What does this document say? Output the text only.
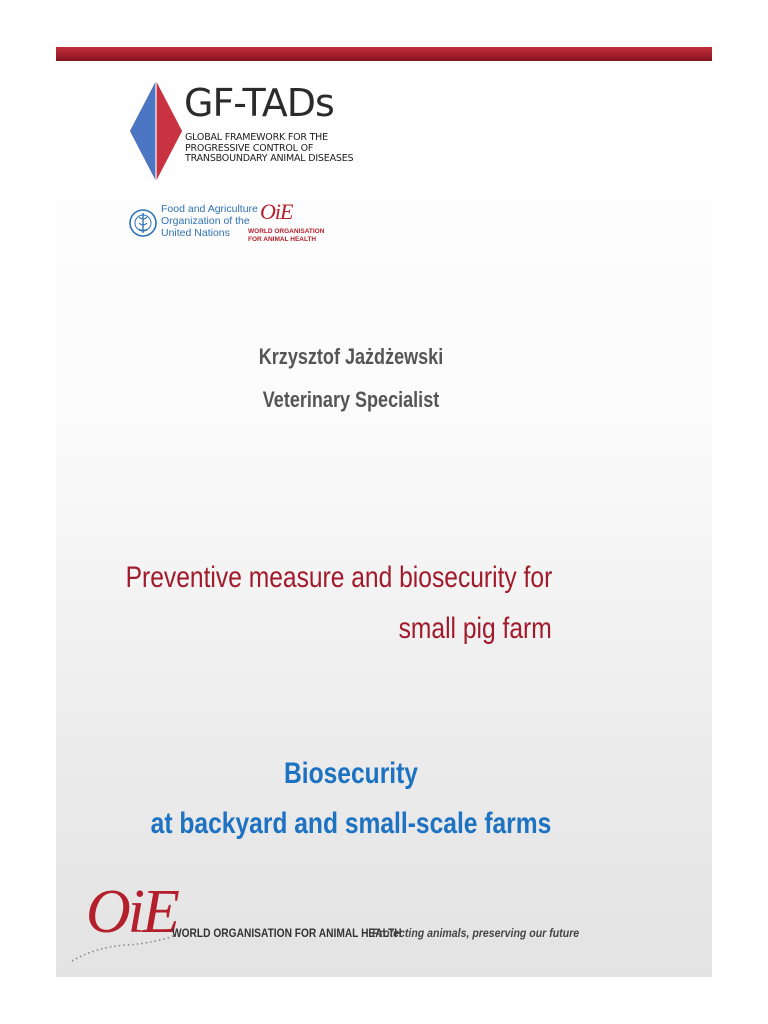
GF-TADs
GLOBAL FRAMEWORK FOR THE
PROGRESSIVE CONTROL OF
TRANSBOUNDARY ANIMAL DISEASES
Food and Agriculture
Organization of the
United Nations
OiE
WORLD ORGANISATION
FOR ANIMAL HEALTH
Krzysztof Jażdżewski
Veterinary Specialist
Preventive measure and biosecurity for
small pig farm
Biosecurity
at backyard and small-scale farms
OiE
WORLD ORGANISATION FOR ANIMAL HEALTH
Protecting animals, preserving our future
